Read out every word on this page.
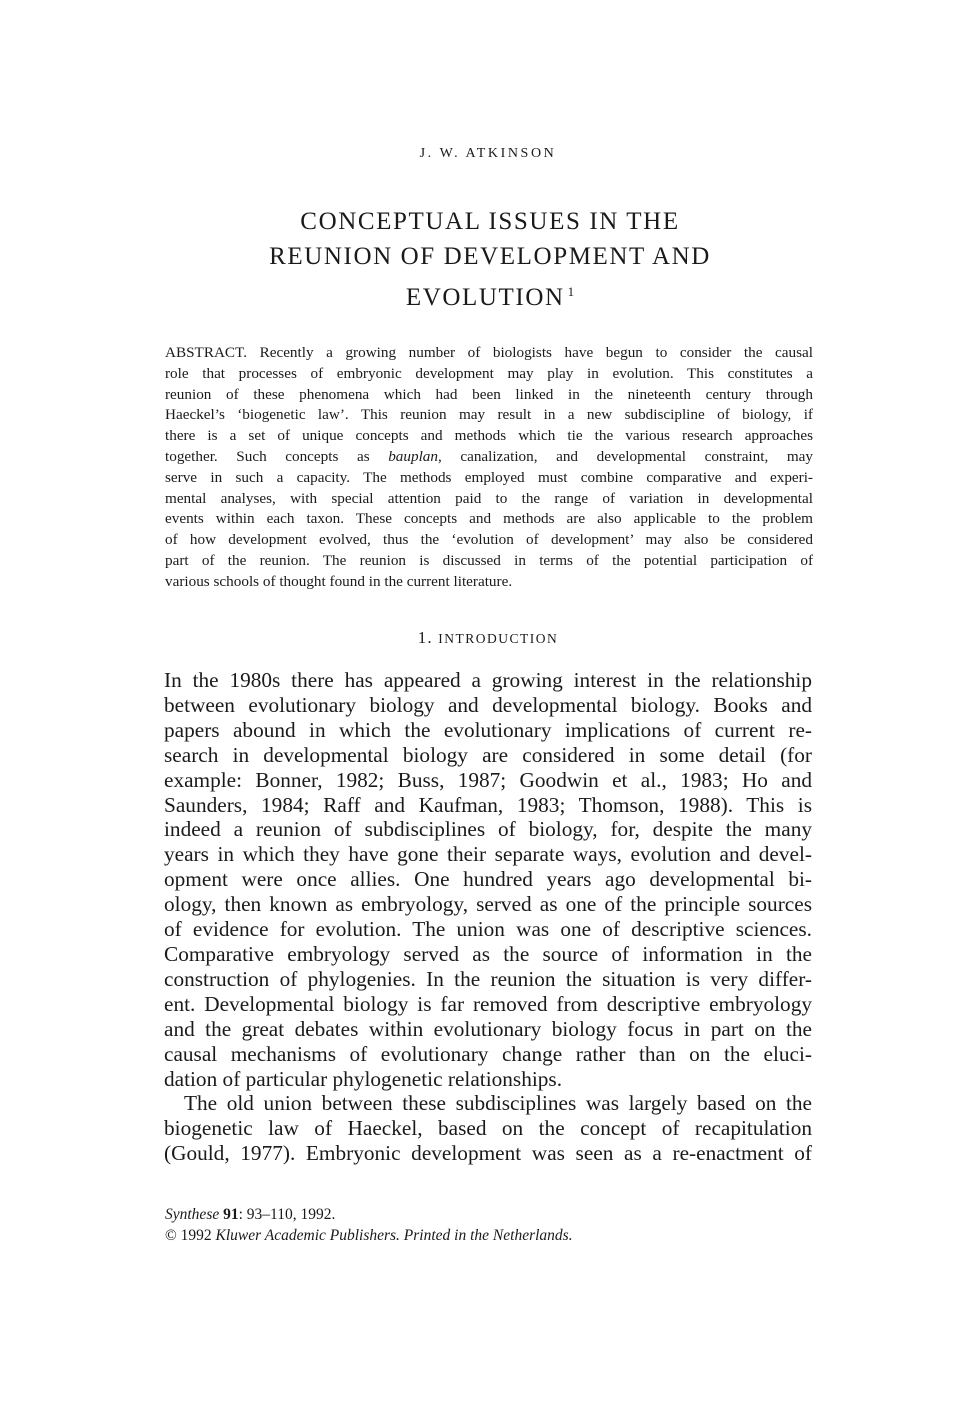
J. W. ATKINSON
CONCEPTUAL ISSUES IN THE
REUNION OF DEVELOPMENT AND
EVOLUTION $^1$
ABSTRACT. Recently a growing number of biologists have begun to consider the causal
role that processes of embryonic development may play in evolution. This constitutes a
reunion of these phenomena which had been linked in the nineteenth century through
Haeckel’s ‘biogenetic law’. This reunion may result in a new subdiscipline of biology, if
there is a set of unique concepts and methods which tie the various research approaches
together. Such concepts as bauplan, canalization, and developmental constraint, may
serve in such a capacity. The methods employed must combine comparative and experi-
mental analyses, with special attention paid to the range of variation in developmental
events within each taxon. These concepts and methods are also applicable to the problem
of how development evolved, thus the ‘evolution of development’ may also be considered
part of the reunion. The reunion is discussed in terms of the potential participation of
various schools of thought found in the current literature.
1. INTRODUCTION
In the 1980s there has appeared a growing interest in the relationship
between evolutionary biology and developmental biology. Books and
papers abound in which the evolutionary implications of current re-
search in developmental biology are considered in some detail (for
example: Bonner, 1982; Buss, 1987; Goodwin et al., 1983; Ho and
Saunders, 1984; Raff and Kaufman, 1983; Thomson, 1988). This is
indeed a reunion of subdisciplines of biology, for, despite the many
years in which they have gone their separate ways, evolution and devel-
opment were once allies. One hundred years ago developmental bi-
ology, then known as embryology, served as one of the principle sources
of evidence for evolution. The union was one of descriptive sciences.
Comparative embryology served as the source of information in the
construction of phylogenies. In the reunion the situation is very differ-
ent. Developmental biology is far removed from descriptive embryology
and the great debates within evolutionary biology focus in part on the
causal mechanisms of evolutionary change rather than on the eluci-
dation of particular phylogenetic relationships.
The old union between these subdisciplines was largely based on the
biogenetic law of Haeckel, based on the concept of recapitulation
(Gould, 1977). Embryonic development was seen as a re-enactment of
Synthese 91: 93–110, 1992.
© 1992 Kluwer Academic Publishers. Printed in the Netherlands.
